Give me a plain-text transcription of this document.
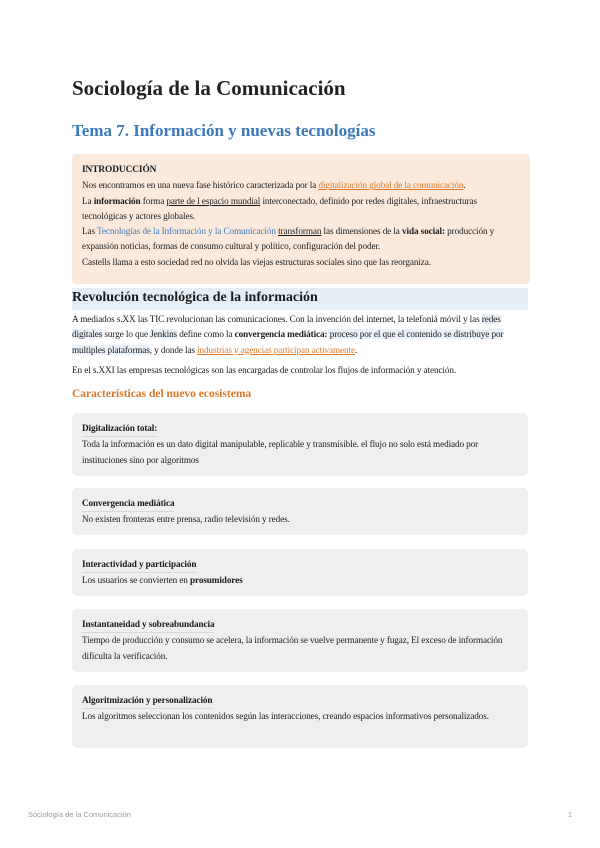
Sociología de la Comunicación
Tema 7. Información y nuevas tecnologías
INTRODUCCIÓN
Nos encontramos en una nueva fase histórico caracterizada por la digitalización global de la comunicación.
La información forma parte de l espacio mundial interconectado, definido por redes digitales, infraestructuras tecnológicas y actores globales.
Las Tecnologías de la Información y la Comunicación transforman las dimensiones de la vida social: producción y expansión noticias, formas de consumo cultural y político, configuración del poder.
Castells llama a esto sociedad red no olvida las viejas estructuras sociales sino que las reorganiza.
Revolución tecnológica de la información

A mediados s.XX las TIC revolucionan las comunicaciones. Con la invención del internet, la telefoniá móvil y las redes digitales surge lo que Jenkins define como la convergencia mediática: proceso por el que el contenido se distribuye por multiples plataformas, y donde las industrias y agencias participan activamente.

En el s.XXI las empresas tecnológicas son las encargadas de controlar los flujos de información y atención.

Características del nuevo ecosistema
Digitalización total:
Toda la información es un dato digital manipulable, replicable y transmisible. el flujo no solo está mediado por instituciones sino por algoritmos
Convergencia mediática
No existen fronteras entre prensa, radio televisión y redes.
Interactividad y participación
Los usuarios se convierten en prosumidores
Instantaneidad y sobreabundancia
Tiempo de producción y consumo se acelera, la información se vuelve permanente y fugaz, El exceso de información dificulta la verificación.
Algoritmización y personalización
Los algoritmos seleccionan los contenidos según las interacciones, creando espacios informativos personalizados.
Sociología de la Comunicación	1
